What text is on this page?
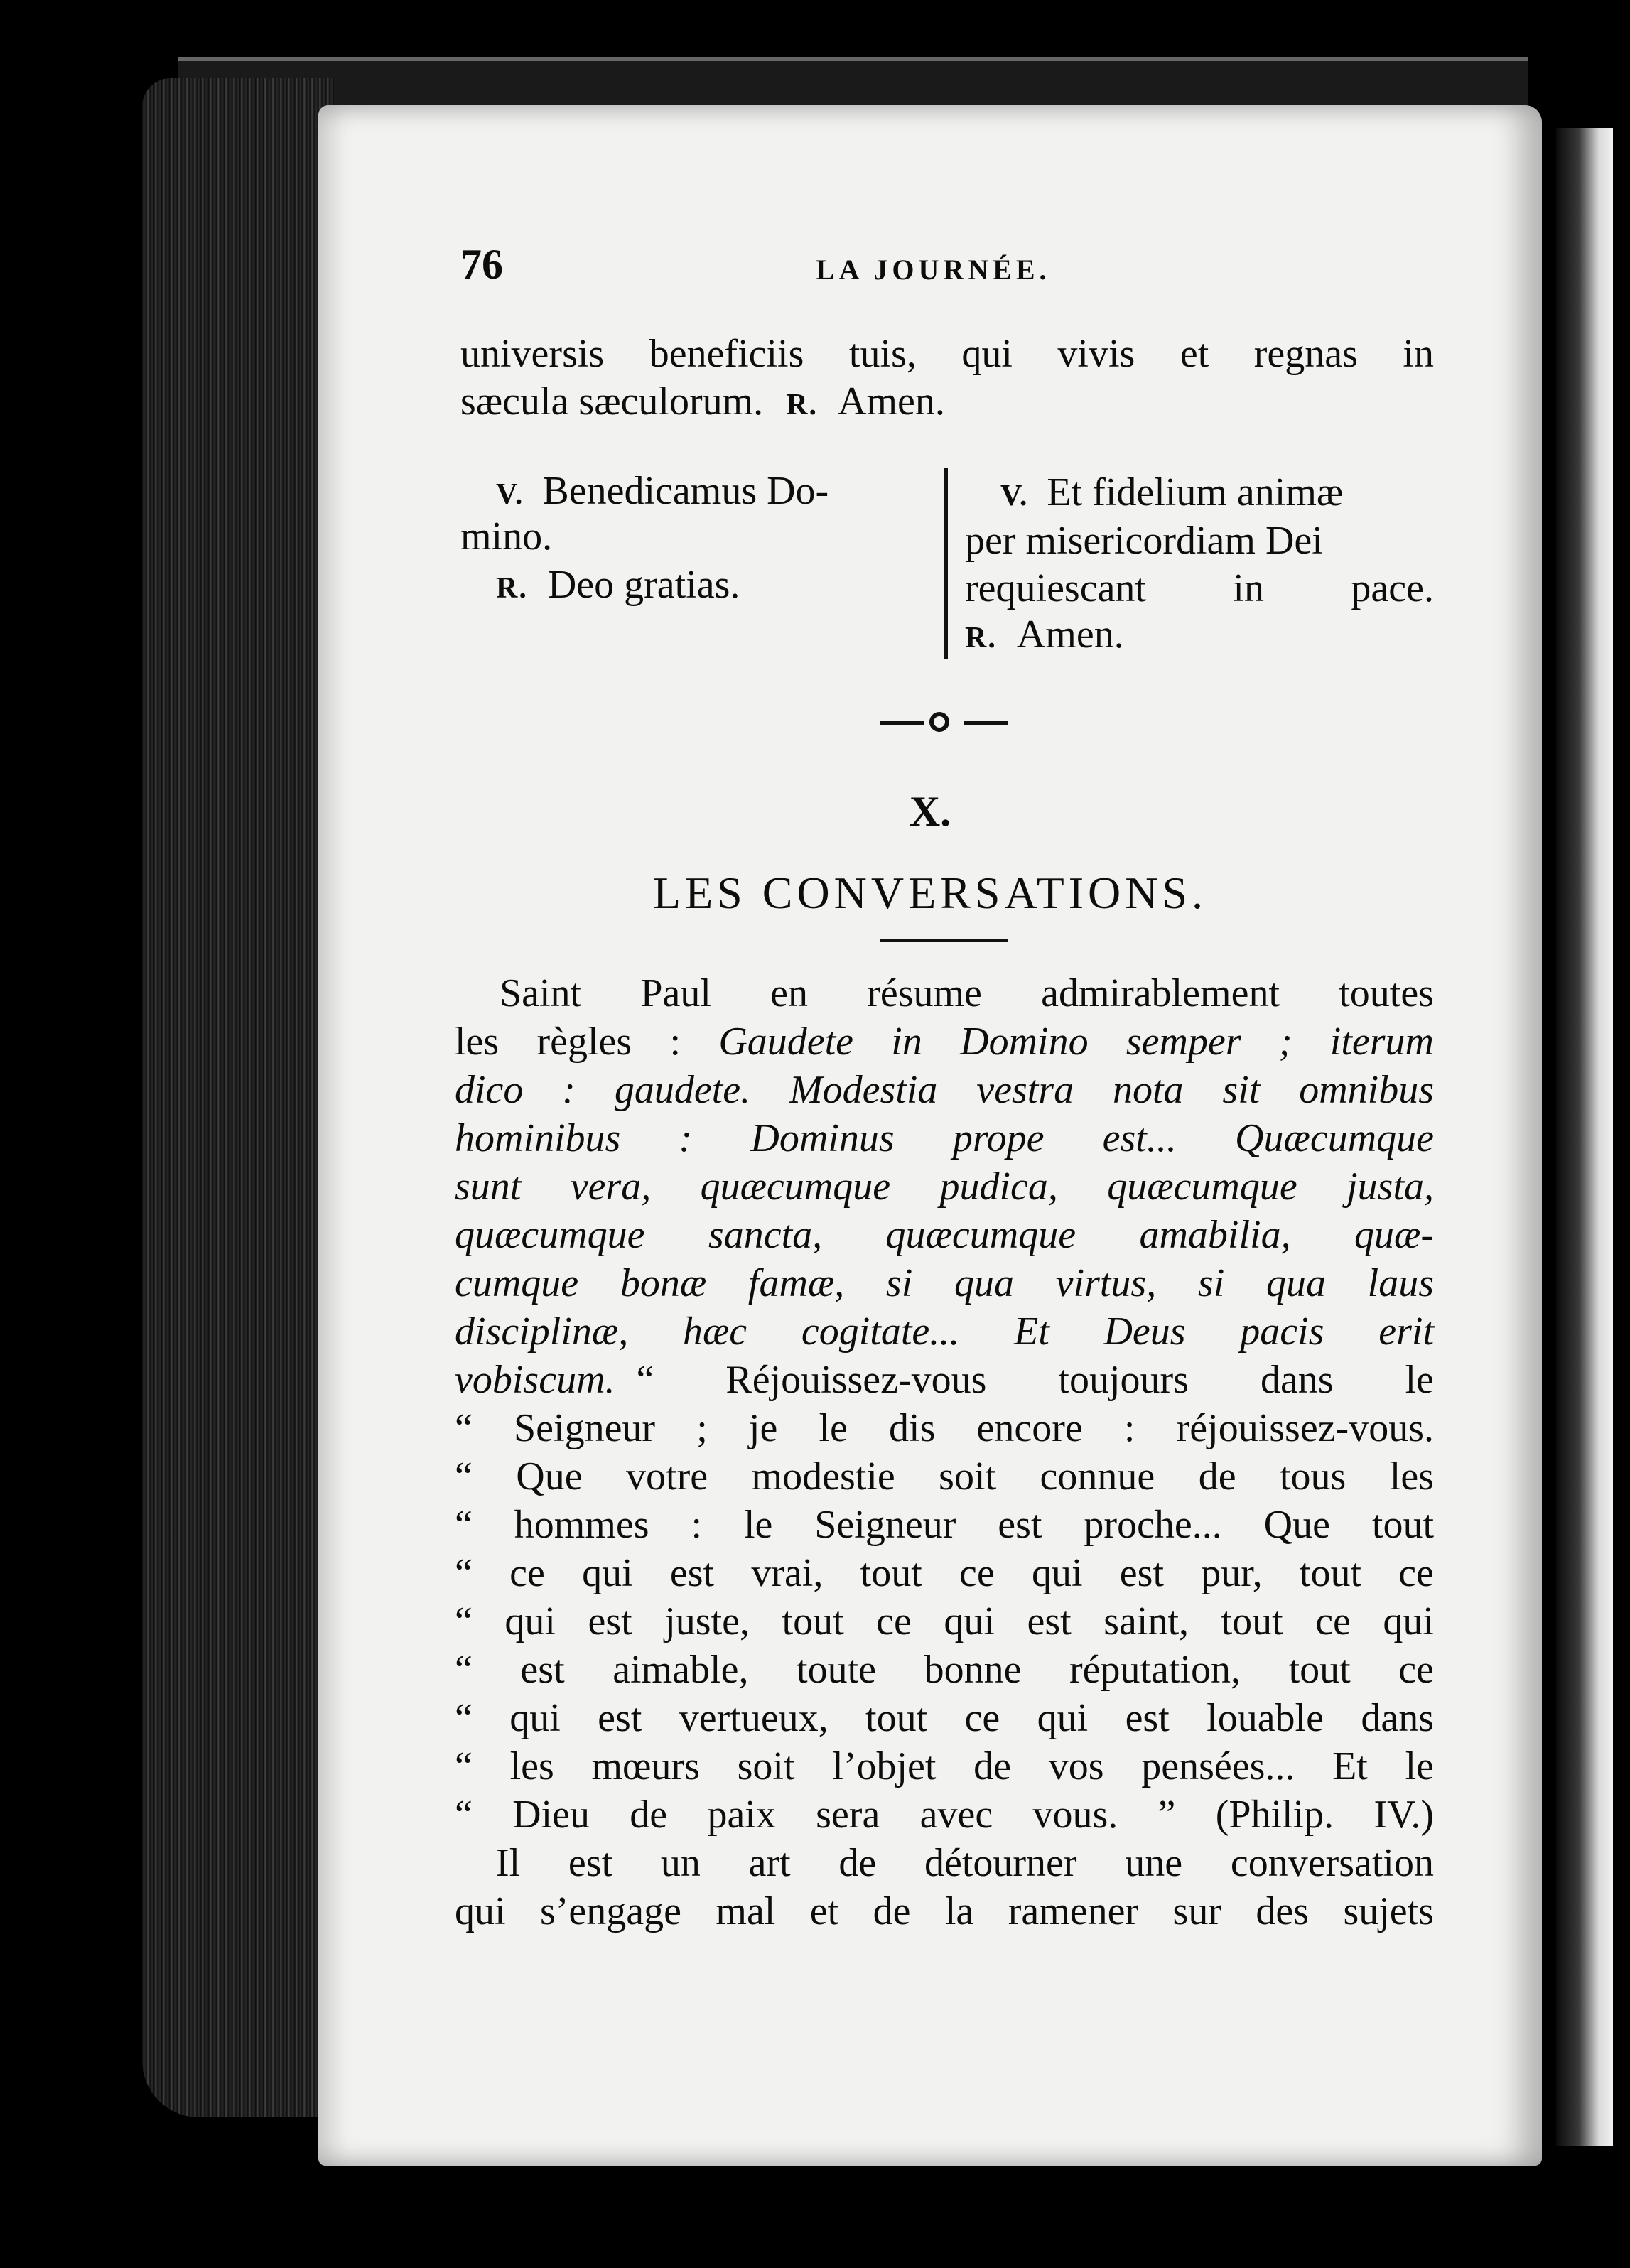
76	LA JOURNÉE.
universis beneficiis tuis, qui vivis et regnas in
sæcula sæculorum. R. Amen.
V. Benedicamus Do-
mino.
R. Deo gratias.
V. Et fidelium animæ
per misericordiam Dei
requiescant in pace.
R. Amen.
X.
LES CONVERSATIONS.
Saint Paul en résume admirablement toutes
les règles : Gaudete in Domino semper ; iterum
dico : gaudete. Modestia vestra nota sit omnibus
hominibus : Dominus prope est... Quæcumque
sunt vera, quæcumque pudica, quæcumque justa,
quæcumque sancta, quæcumque amabilia, quæ-
cumque bonæ famæ, si qua virtus, si qua laus
disciplinæ, hæc cogitate... Et Deus pacis erit
vobiscum. “ Réjouissez-vous toujours dans le
“ Seigneur ; je le dis encore : réjouissez-vous.
“ Que votre modestie soit connue de tous les
“ hommes : le Seigneur est proche... Que tout
“ ce qui est vrai, tout ce qui est pur, tout ce
“ qui est juste, tout ce qui est saint, tout ce qui
“ est aimable, toute bonne réputation, tout ce
“ qui est vertueux, tout ce qui est louable dans
“ les mœurs soit l’objet de vos pensées... Et le
“ Dieu de paix sera avec vous. ” (Philip. IV.)
Il est un art de détourner une conversation
qui s’engage mal et de la ramener sur des sujets
